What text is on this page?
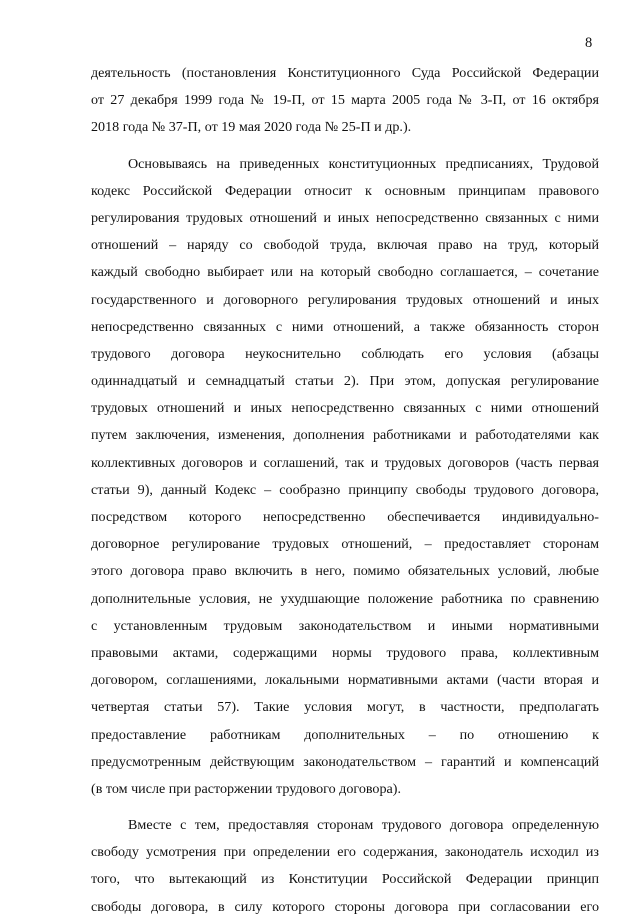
8
деятельность (постановления Конституционного Суда Российской Федерации
от 27 декабря 1999 года № 19-П, от 15 марта 2005 года № 3-П, от 16 октября
2018 года № 37-П, от 19 мая 2020 года № 25-П и др.).
Основываясь на приведенных конституционных предписаниях, Трудовой
кодекс Российской Федерации относит к основным принципам правового
регулирования трудовых отношений и иных непосредственно связанных с ними
отношений – наряду со свободой труда, включая право на труд, который
каждый свободно выбирает или на который свободно соглашается, – сочетание
государственного и договорного регулирования трудовых отношений и иных
непосредственно связанных с ними отношений, а также обязанность сторон
трудового договора неукоснительно соблюдать его условия (абзацы
одиннадцатый и семнадцатый статьи 2). При этом, допуская регулирование
трудовых отношений и иных непосредственно связанных с ними отношений
путем заключения, изменения, дополнения работниками и работодателями как
коллективных договоров и соглашений, так и трудовых договоров (часть первая
статьи 9), данный Кодекс – сообразно принципу свободы трудового договора,
посредством которого непосредственно обеспечивается индивидуально-
договорное регулирование трудовых отношений, – предоставляет сторонам
этого договора право включить в него, помимо обязательных условий, любые
дополнительные условия, не ухудшающие положение работника по сравнению
с установленным трудовым законодательством и иными нормативными
правовыми актами, содержащими нормы трудового права, коллективным
договором, соглашениями, локальными нормативными актами (части вторая и
четвертая статьи 57). Такие условия могут, в частности, предполагать
предоставление работникам дополнительных – по отношению к
предусмотренным действующим законодательством – гарантий и компенсаций
(в том числе при расторжении трудового договора).
Вместе с тем, предоставляя сторонам трудового договора определенную
свободу усмотрения при определении его содержания, законодатель исходил из
того, что вытекающий из Конституции Российской Федерации принцип
свободы договора, в силу которого стороны договора при согласовании его
